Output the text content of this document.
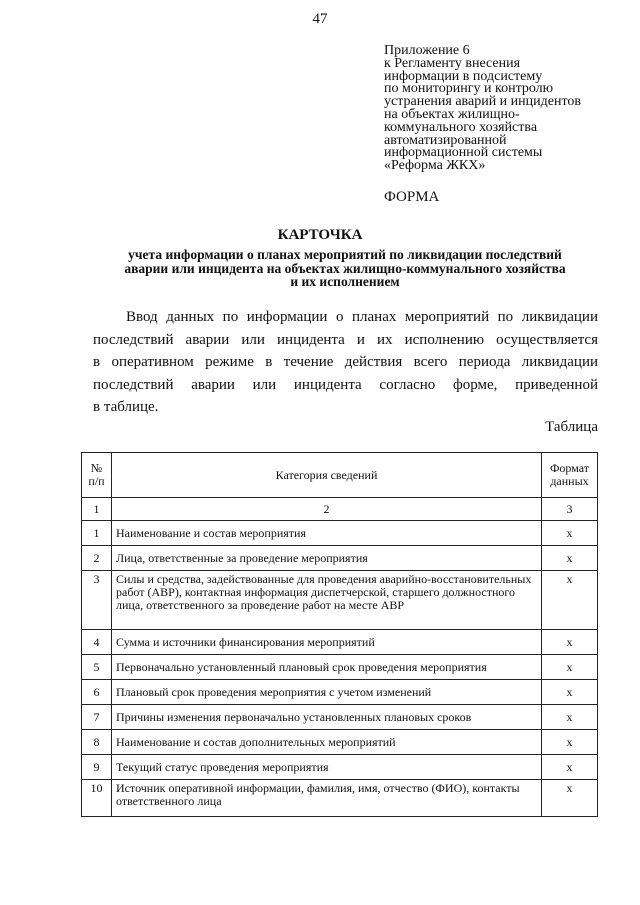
47
Приложение 6
к Регламенту внесения
информации в подсистему
по мониторингу и контролю
устранения аварий и инцидентов
на объектах жилищно-
коммунального хозяйства
автоматизированной
информационной системы
«Реформа ЖКХ»
ФОРМА
КАРТОЧКА
учета информации о планах мероприятий по ликвидации последствий
аварии или инцидента на объектах жилищно-коммунального хозяйства
и их исполнением
Ввод данных по информации о планах мероприятий по ликвидации
последствий аварии или инцидента и их исполнению осуществляется
в оперативном режиме в течение действия всего периода ликвидации
последствий аварии или инцидента согласно форме, приведенной
в таблице.
Таблица
№ п/п	Категория сведений	Формат данных
1	2	3
1	Наименование и состав мероприятия	х
2	Лица, ответственные за проведение мероприятия	х
3	Силы и средства, задействованные для проведения аварийно-восстановительных работ (АВР), контактная информация диспетчерской, старшего должностного лица, ответственного за проведение работ на месте АВР	х
4	Сумма и источники финансирования мероприятий	х
5	Первоначально установленный плановый срок проведения мероприятия	х
6	Плановый срок проведения мероприятия с учетом изменений	х
7	Причины изменения первоначально установленных плановых сроков	х
8	Наименование и состав дополнительных мероприятий	х
9	Текущий статус проведения мероприятия	х
10	Источник оперативной информации, фамилия, имя, отчество (ФИО), контакты ответственного лица	х
